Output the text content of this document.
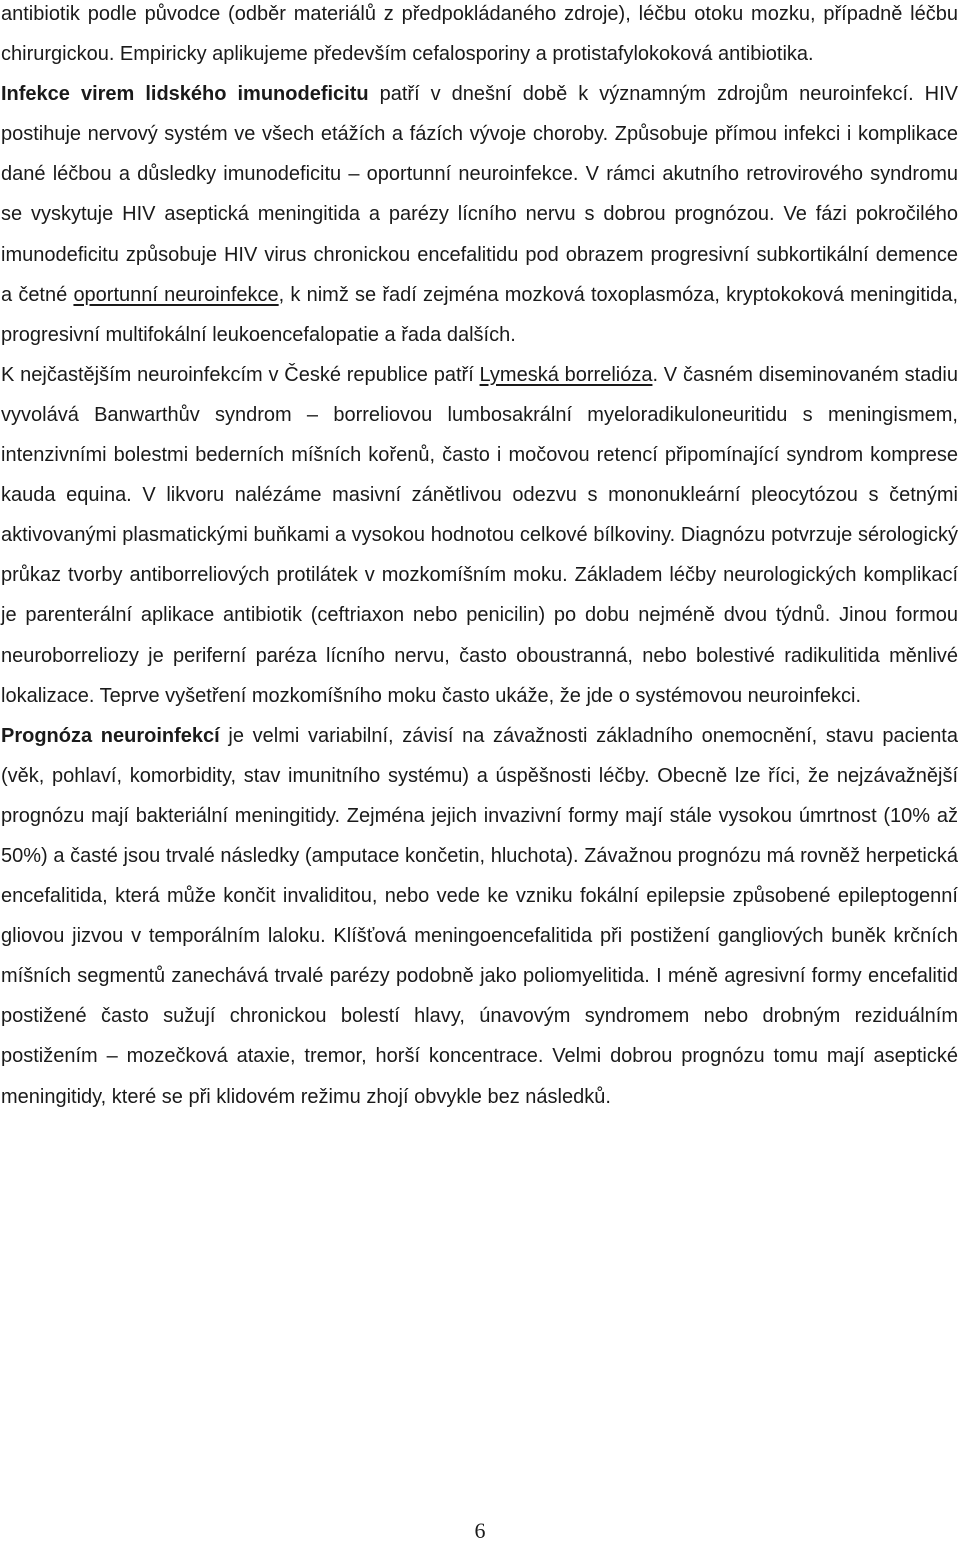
antibiotik podle původce (odběr materiálů z předpokládaného zdroje), léčbu otoku mozku, případně léčbu chirurgickou. Empiricky aplikujeme především cefalosporiny a protistafylokoková antibiotika.

Infekce virem lidského imunodeficitu patří v dnešní době k významným zdrojům neuroinfekcí. HIV postihuje nervový systém ve všech etážích a fázích vývoje choroby. Způsobuje přímou infekci i komplikace dané léčbou a důsledky imunodeficitu – oportunní neuroinfekce. V rámci akutního retrovirového syndromu se vyskytuje HIV aseptická meningitida a parézy lícního nervu s dobrou prognózou. Ve fázi pokročilého imunodeficitu způsobuje HIV virus chronickou encefalitidu pod obrazem progresivní subkortikální demence a četné oportunní neuroinfekce, k nimž se řadí zejména mozková toxoplasmóza, kryptokoková meningitida, progresivní multifokální leukoencefalopatie a řada dalších.

K nejčastějším neuroinfekcím v České republice patří Lymeská borrelióza. V časném diseminovaném stadiu vyvolává Banwarthův syndrom – borreliovou lumbosakrální myeloradikuloneuritidu s meningismem, intenzivními bolestmi bederních míšních kořenů, často i močovou retencí připomínající syndrom komprese kauda equina. V likvoru nalézáme masivní zánětlivou odezvu s mononukleární pleocytózou s četnými aktivovanými plasmatickými buňkami a vysokou hodnotou celkové bílkoviny. Diagnózu potvrzuje sérologický průkaz tvorby antiborreliových protilátek v mozkomíšním moku. Základem léčby neurologických komplikací je parenterální aplikace antibiotik (ceftriaxon nebo penicilin) po dobu nejméně dvou týdnů. Jinou formou neuroborreliozy je periferní paréza lícního nervu, často oboustranná, nebo bolestivé radikulitida měnlivé lokalizace. Teprve vyšetření mozkomíšního moku často ukáže, že jde o systémovou neuroinfekci.

Prognóza neuroinfekcí je velmi variabilní, závisí na závažnosti základního onemocnění, stavu pacienta (věk, pohlaví, komorbidity, stav imunitního systému) a úspěšnosti léčby. Obecně lze říci, že nejzávažnější prognózu mají bakteriální meningitidy. Zejména jejich invazivní formy mají stále vysokou úmrtnost (10% až 50%) a časté jsou trvalé následky (amputace končetin, hluchota). Závažnou prognózu má rovněž herpetická encefalitida, která může končit invaliditou, nebo vede ke vzniku fokální epilepsie způsobené epileptogenní gliovou jizvou v temporálním laloku. Klíšťová meningoencefalitida při postižení gangliových buněk krčních míšních segmentů zanechává trvalé parézy podobně jako poliomyelitida. I méně agresivní formy encefalitid postižené často sužují chronickou bolestí hlavy, únavovým syndromem nebo drobným reziduálním postižením – mozečková ataxie, tremor, horší koncentrace. Velmi dobrou prognózu tomu mají aseptické meningitidy, které se při klidovém režimu zhojí obvykle bez následků.

6
